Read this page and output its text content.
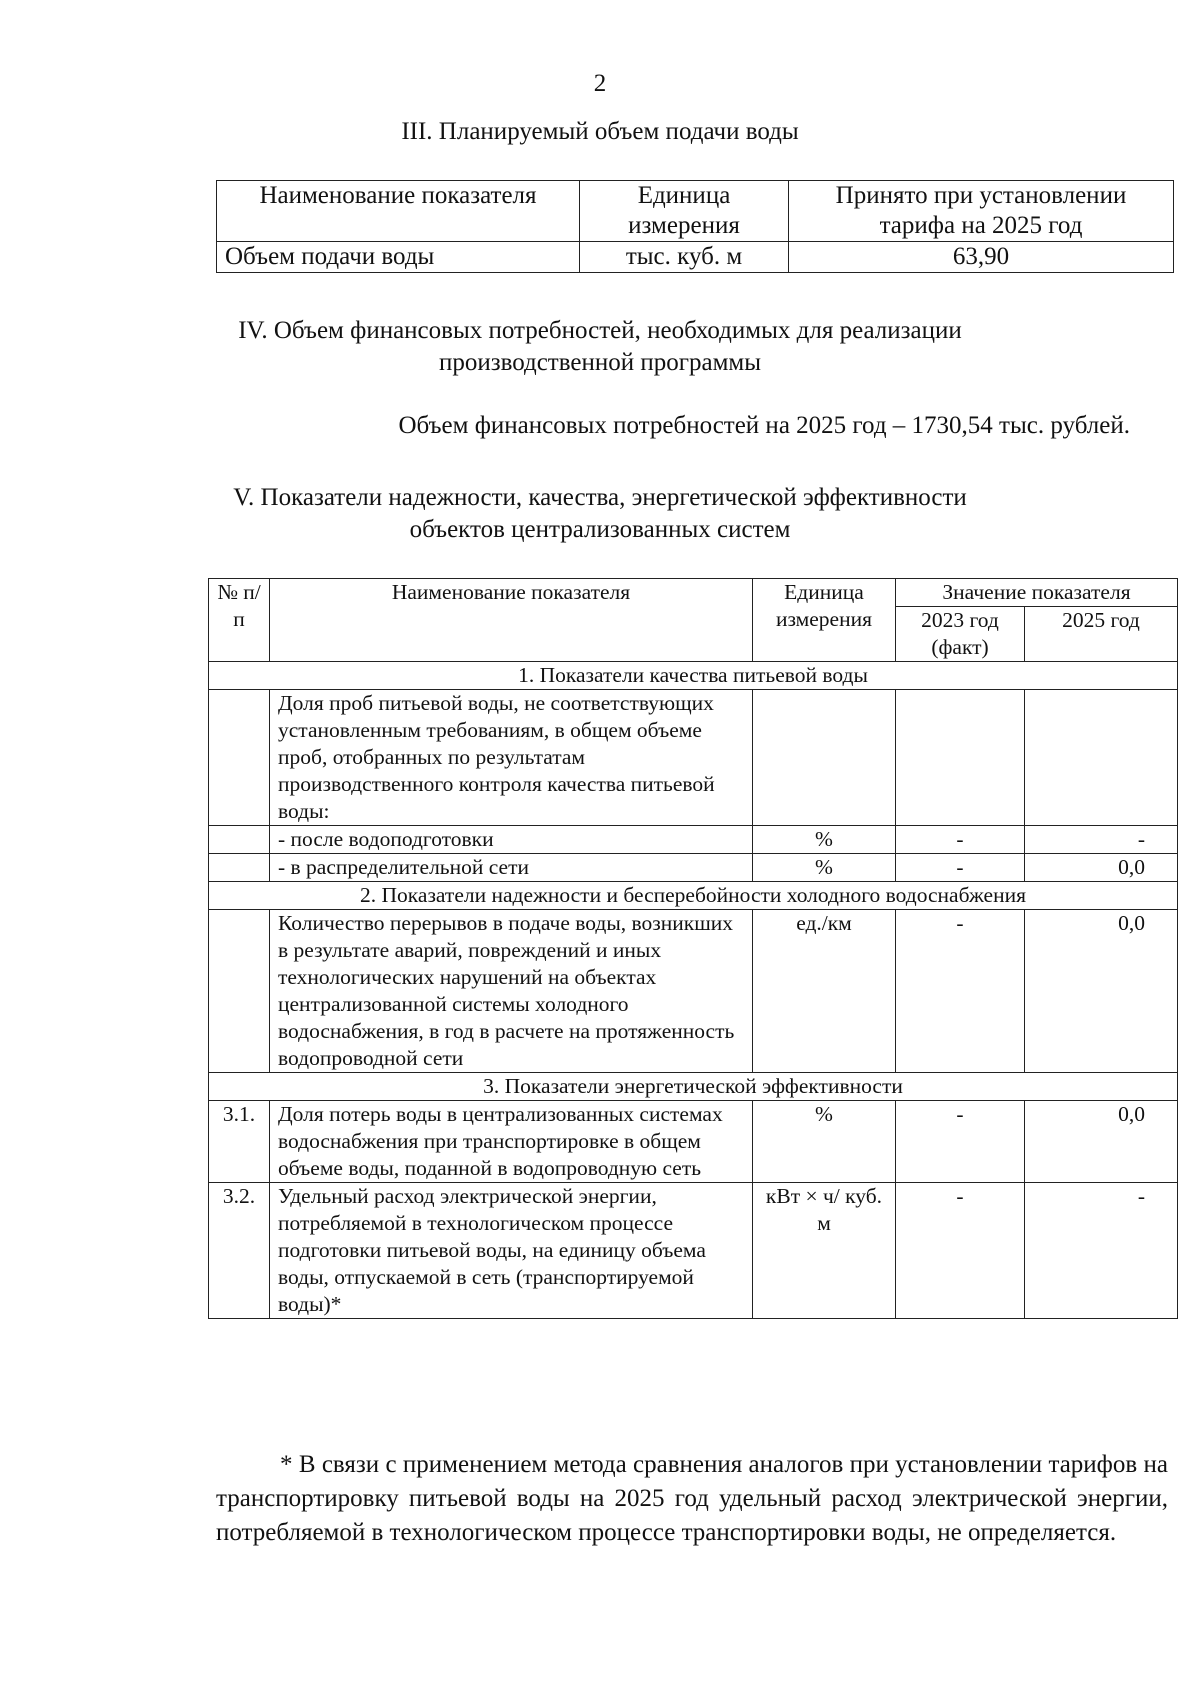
2
III. Планируемый объем подачи воды
Наименование показателя	Единица измерения	Принято при установлении тарифа на 2025 год
Объем подачи воды	тыс. куб. м	63,90
IV. Объем финансовых потребностей, необходимых для реализации
производственной программы
Объем финансовых потребностей на 2025 год – 1730,54 тыс. рублей.
V. Показатели надежности, качества, энергетической эффективности
объектов централизованных систем
№ п/п	Наименование показателя	Единица измерения	Значение показателя	
			2023 год (факт)	2025 год
1. Показатели качества питьевой воды				
	Доля проб питьевой воды, не соответствующих установленным требованиям, в общем объеме проб, отобранных по результатам производственного контроля качества питьевой воды:			
	- после водоподготовки	%	-	-
	- в распределительной сети	%	-	0,0
2. Показатели надежности и бесперебойности холодного водоснабжения				
	Количество перерывов в подаче воды, возникших в результате аварий, повреждений и иных технологических нарушений на объектах централизованной системы холодного водоснабжения, в год в расчете на протяженность водопроводной сети	ед./км	-	0,0
3. Показатели энергетической эффективности				
3.1.	Доля потерь воды в централизованных системах водоснабжения при транспортировке в общем объеме воды, поданной в водопроводную сеть	%	-	0,0
3.2.	Удельный расход электрической энергии, потребляемой в технологическом процессе подготовки питьевой воды, на единицу объема воды, отпускаемой в сеть (транспортируемой воды)*	кВт × ч/ куб. м	-	-
* В связи с применением метода сравнения аналогов при установлении тарифов на транспортировку питьевой воды на 2025 год удельный расход электрической энергии, потребляемой в технологическом процессе транспортировки воды, не определяется.
